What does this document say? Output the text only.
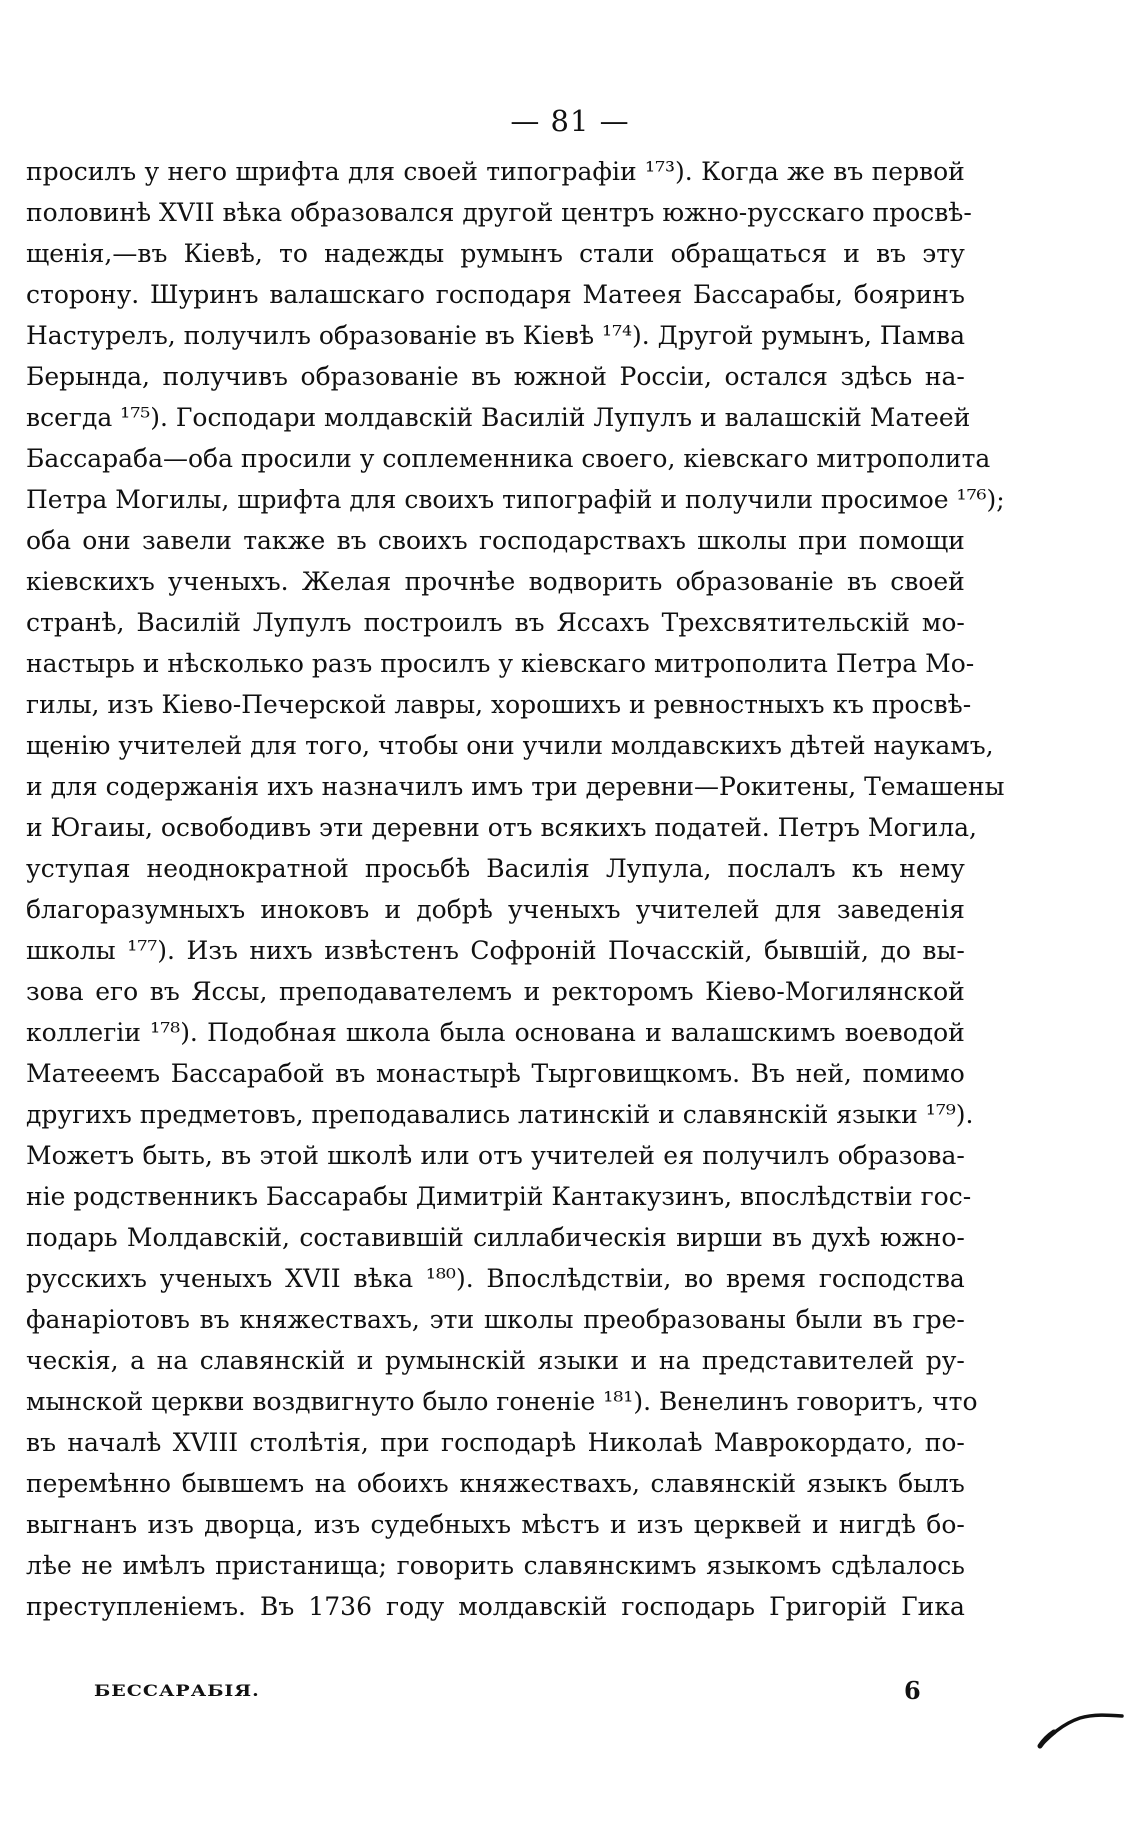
— 81 —
просилъ у него шрифта для своей типографіи ¹⁷³). Когда же въ первой
половинѣ XVII вѣка образовался другой центръ южно-русскаго просвѣ-
щенія,—въ Кіевѣ, то надежды румынъ стали обращаться и въ эту
сторону. Шуринъ валашскаго господаря Матеея Бассарабы, бояринъ
Настурелъ, получилъ образованіе въ Кіевѣ ¹⁷⁴). Другой румынъ, Памва
Берында, получивъ образованіе въ южной Россіи, остался здѣсь на-
всегда ¹⁷⁵). Господари молдавскій Василій Лупулъ и валашскій Матеей
Бассараба—оба просили у соплеменника своего, кіевскаго митрополита
Петра Могилы, шрифта для своихъ типографій и получили просимое ¹⁷⁶);
оба они завели также въ своихъ господарствахъ школы при помощи
кіевскихъ ученыхъ. Желая прочнѣе водворить образованіе въ своей
странѣ, Василій Лупулъ построилъ въ Яссахъ Трехсвятительскій мо-
настырь и нѣсколько разъ просилъ у кіевскаго митрополита Петра Мо-
гилы, изъ Кіево-Печерской лавры, хорошихъ и ревностныхъ къ просвѣ-
щенію учителей для того, чтобы они учили молдавскихъ дѣтей наукамъ,
и для содержанія ихъ назначилъ имъ три деревни—Рокитены, Темашены
и Югаиы, освободивъ эти деревни отъ всякихъ податей. Петръ Могила,
уступая неоднократной просьбѣ Василія Лупула, послалъ къ нему
благоразумныхъ иноковъ и добрѣ ученыхъ учителей для заведенія
школы ¹⁷⁷). Изъ нихъ извѣстенъ Софроній Почасскій, бывшій, до вы-
зова его въ Яссы, преподавателемъ и ректоромъ Кіево-Могилянской
коллегіи ¹⁷⁸). Подобная школа была основана и валашскимъ воеводой
Матееемъ Бассарабой въ монастырѣ Тырговищкомъ. Въ ней, помимо
другихъ предметовъ, преподавались латинскій и славянскій языки ¹⁷⁹).
Можетъ быть, въ этой школѣ или отъ учителей ея получилъ образова-
ніе родственникъ Бассарабы Димитрій Кантакузинъ, впослѣдствіи гос-
подарь Молдавскій, составившій силлабическія вирши въ духѣ южно-
русскихъ ученыхъ XVII вѣка ¹⁸⁰). Впослѣдствіи, во время господства
фанаріотовъ въ княжествахъ, эти школы преобразованы были въ гре-
ческія, а на славянскій и румынскій языки и на представителей ру-
мынской церкви воздвигнуто было гоненіе ¹⁸¹). Венелинъ говоритъ, что
въ началѣ XVIII столѣтія, при господарѣ Николаѣ Маврокордато, по-
перемѣнно бывшемъ на обоихъ княжествахъ, славянскій языкъ былъ
выгнанъ изъ дворца, изъ судебныхъ мѣстъ и изъ церквей и нигдѣ бо-
лѣе не имѣлъ пристанища; говорить славянскимъ языкомъ сдѣлалось
преступленіемъ. Въ 1736 году молдавскій господарь Григорій Гика
БЕССАРАБІЯ.	6
